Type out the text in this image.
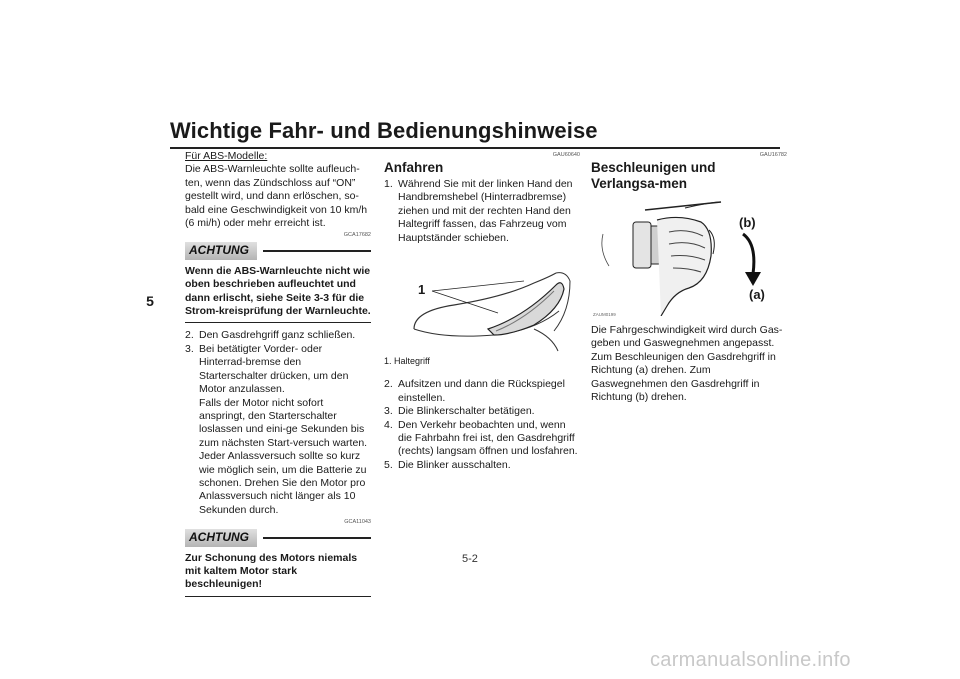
Wichtige Fahr- und Bedienungshinweise
5

Für ABS-Modelle:

Die ABS-Warnleuchte sollte aufleuch-ten, wenn das Zündschloss auf “ON” gestellt wird, und dann erlöschen, so-bald eine Geschwindigkeit von 10 km/h (6 mi/h) oder mehr erreicht ist.

GCA17682
ACHTUNG

Wenn die ABS-Warnleuchte nicht wie oben beschrieben aufleuchtet und dann erlischt, siehe Seite 3-3 für die Strom-kreisprüfung der Warnleuchte.

2. Den Gasdrehgriff ganz schließen.
3. Bei betätigter Vorder- oder Hinterrad-bremse den Starterschalter drücken, um den Motor anzulassen.
Falls der Motor nicht sofort anspringt, den Starterschalter loslassen und eini-ge Sekunden bis zum nächsten Start-versuch warten. Jeder Anlassversuch sollte so kurz wie möglich sein, um die Batterie zu schonen. Drehen Sie den Motor pro Anlassversuch nicht länger als 10 Sekunden durch.
GCA11043
ACHTUNG

Zur Schonung des Motors niemals mit kaltem Motor stark beschleunigen!

GAU60640
Anfahren
1. Während Sie mit der linken Hand den Handbremshebel (Hinterradbremse) ziehen und mit der rechten Hand den Haltegriff fassen, das Fahrzeug vom Hauptständer schieben.
1

1. Haltegriff

2. Aufsitzen und dann die Rückspiegel einstellen.
3. Die Blinkerschalter betätigen.
4. Den Verkehr beobachten und, wenn die Fahrbahn frei ist, den Gasdrehgriff (rechts) langsam öffnen und losfahren.
5. Die Blinker ausschalten.
GAU16782
Beschleunigen und Verlangsa-men
(b)
(a)
ZAUM0199

Die Fahrgeschwindigkeit wird durch Gas-geben und Gaswegnehmen angepasst. Zum Beschleunigen den Gasdrehgriff in Richtung (a) drehen. Zum Gaswegnehmen den Gasdrehgriff in Richtung (b) drehen.

5-2
carmanualsonline.info
